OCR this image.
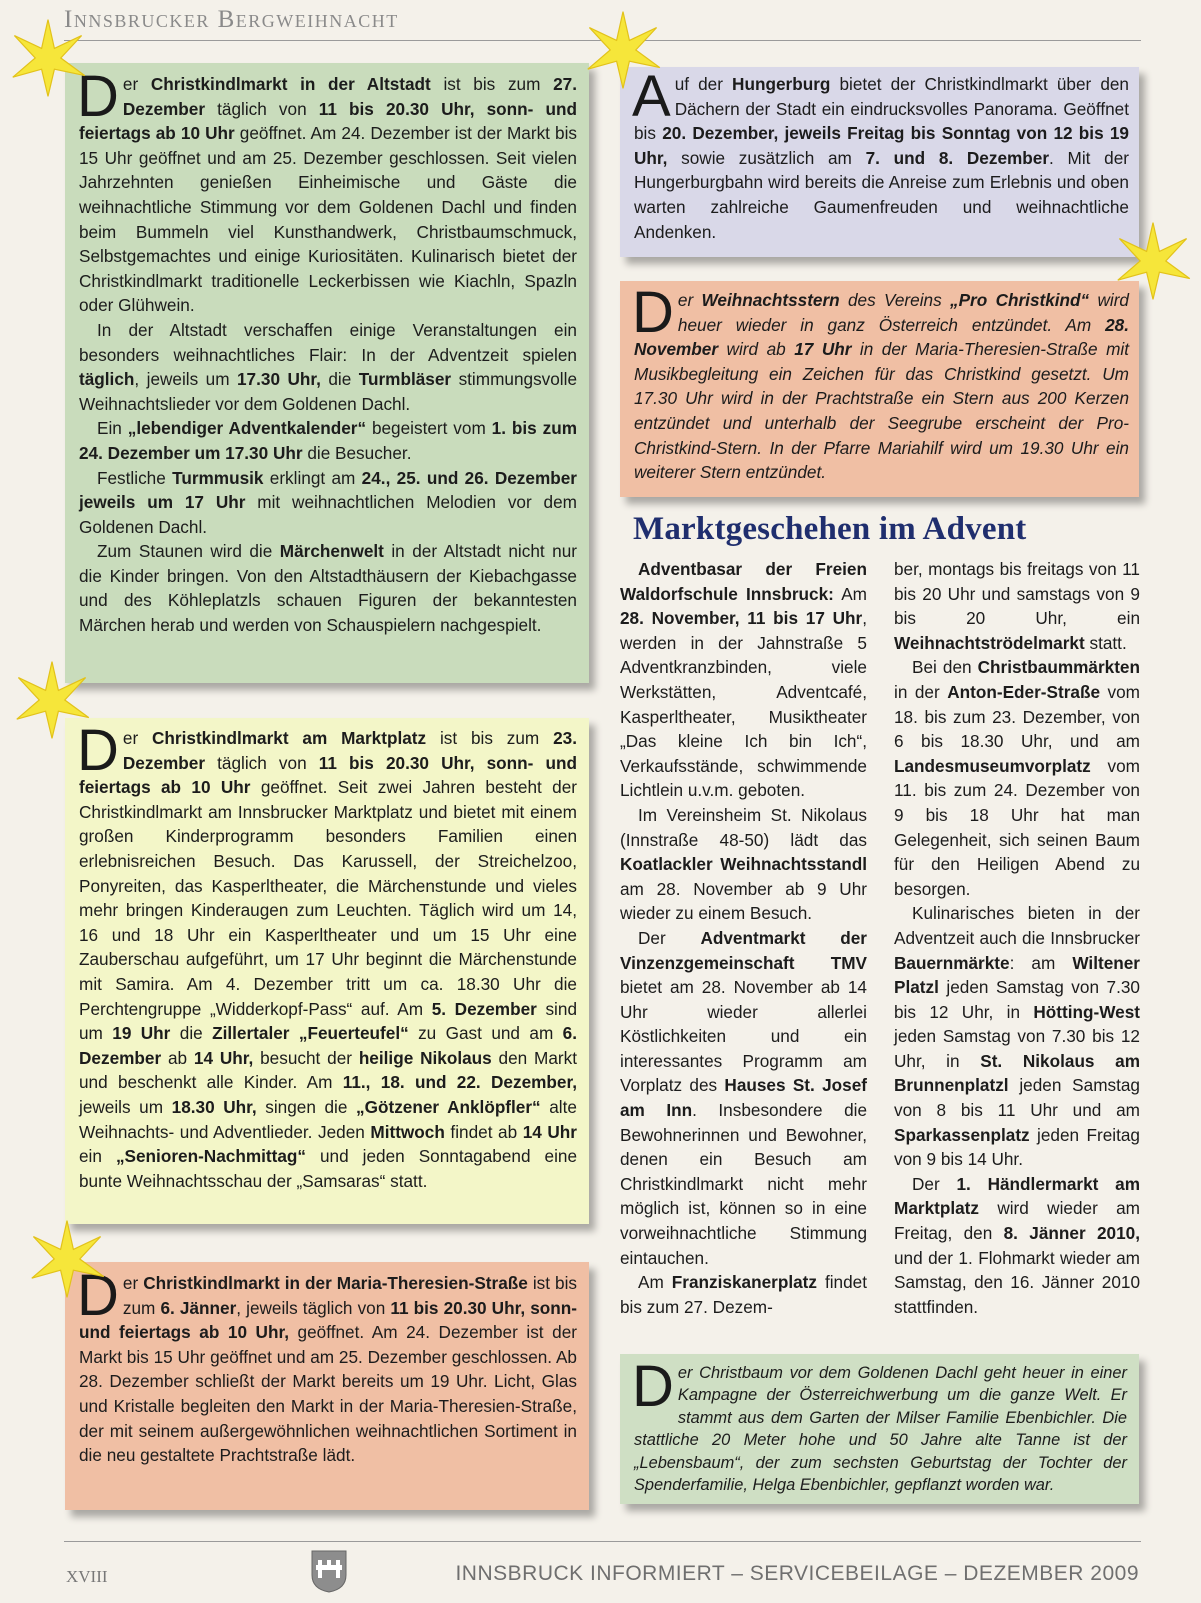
Innsbrucker Bergweihnacht

Der Christkindlmarkt in der Altstadt ist bis zum 27. Dezember täglich von 11 bis 20.30 Uhr, sonn- und feiertags ab 10 Uhr geöffnet. Am 24. Dezember ist der Markt bis 15 Uhr geöffnet und am 25. Dezember geschlossen. Seit vielen Jahrzehnten genießen Einheimische und Gäste die weihnachtliche Stimmung vor dem Goldenen Dachl und finden beim Bummeln viel Kunsthandwerk, Christbaumschmuck, Selbstgemachtes und einige Kuriositäten. Kulinarisch bietet der Christkindlmarkt traditionelle Leckerbissen wie Kiachln, Spazln oder Glühwein.

In der Altstadt verschaffen einige Veranstaltungen ein besonders weihnachtliches Flair: In der Adventzeit spielen täglich, jeweils um 17.30 Uhr, die Turmbläser stimmungsvolle Weihnachtslieder vor dem Goldenen Dachl.

Ein „lebendiger Adventkalender“ begeistert vom 1. bis zum 24. Dezember um 17.30 Uhr die Besucher.

Festliche Turmmusik erklingt am 24., 25. und 26. Dezember jeweils um 17 Uhr mit weihnachtlichen Melodien vor dem Goldenen Dachl.

Zum Staunen wird die Märchenwelt in der Altstadt nicht nur die Kinder bringen. Von den Altstadthäusern der Kiebachgasse und des Köhleplatzls schauen Figuren der bekanntesten Märchen herab und werden von Schauspielern nachgespielt.

Der Christkindlmarkt am Marktplatz ist bis zum 23. Dezember täglich von 11 bis 20.30 Uhr, sonn- und feiertags ab 10 Uhr geöffnet. Seit zwei Jahren besteht der Christkindlmarkt am Innsbrucker Marktplatz und bietet mit einem großen Kinderprogramm besonders Familien einen erlebnisreichen Besuch. Das Karussell, der Streichelzoo, Ponyreiten, das Kasperltheater, die Märchenstunde und vieles mehr bringen Kinderaugen zum Leuchten. Täglich wird um 14, 16 und 18 Uhr ein Kasperltheater und um 15 Uhr eine Zauberschau aufgeführt, um 17 Uhr beginnt die Märchenstunde mit Samira. Am 4. Dezember tritt um ca. 18.30 Uhr die Perchtengruppe „Widderkopf-Pass“ auf. Am 5. Dezember sind um 19 Uhr die Zillertaler „Feuerteufel“ zu Gast und am 6. Dezember ab 14 Uhr, besucht der heilige Nikolaus den Markt und beschenkt alle Kinder. Am 11., 18. und 22. Dezember, jeweils um 18.30 Uhr, singen die „Götzener Anklöpfler“ alte Weihnachts- und Adventlieder. Jeden Mittwoch findet ab 14 Uhr ein „Senioren-Nachmittag“ und jeden Sonntagabend eine bunte Weihnachtsschau der „Samsaras“ statt.

Der Christkindlmarkt in der Maria-Theresien-Straße ist bis zum 6. Jänner, jeweils täglich von 11 bis 20.30 Uhr, sonn- und feiertags ab 10 Uhr, geöffnet. Am 24. Dezember ist der Markt bis 15 Uhr geöffnet und am 25. Dezember geschlossen. Ab 28. Dezember schließt der Markt bereits um 19 Uhr. Licht, Glas und Kristalle begleiten den Markt in der Maria-Theresien-Straße, der mit seinem außergewöhnlichen weihnachtlichen Sortiment in die neu gestaltete Prachtstraße lädt.

Auf der Hungerburg bietet der Christkindlmarkt über den Dächern der Stadt ein eindrucksvolles Panorama. Geöffnet bis 20. Dezember, jeweils Freitag bis Sonntag von 12 bis 19 Uhr, sowie zusätzlich am 7. und 8. Dezember. Mit der Hungerburgbahn wird bereits die Anreise zum Erlebnis und oben warten zahlreiche Gaumenfreuden und weihnachtliche Andenken.

Der Weihnachtsstern des Vereins „Pro Christkind“ wird heuer wieder in ganz Österreich entzündet. Am 28. November wird ab 17 Uhr in der Maria-Theresien-Straße mit Musikbegleitung ein Zeichen für das Christkind gesetzt. Um 17.30 Uhr wird in der Prachtstraße ein Stern aus 200 Kerzen entzündet und unterhalb der Seegrube erscheint der Pro-Christkind-Stern. In der Pfarre Mariahilf wird um 19.30 Uhr ein weiterer Stern entzündet.

Marktgeschehen im Advent

Adventbasar der Freien Waldorfschule Innsbruck: Am 28. November, 11 bis 17 Uhr, werden in der Jahnstraße 5 Adventkranzbinden, viele Werkstätten, Adventcafé, Kasperltheater, Musiktheater „Das kleine Ich bin Ich“, Verkaufsstände, schwimmende Lichtlein u.v.m. geboten.

Im Vereinsheim St. Nikolaus (Innstraße 48-50) lädt das Koatlackler Weihnachtsstandl am 28. November ab 9 Uhr wieder zu einem Besuch.

Der Adventmarkt der Vinzenzgemeinschaft TMV bietet am 28. November ab 14 Uhr wieder allerlei Köstlichkeiten und ein interessantes Programm am Vorplatz des Hauses St. Josef am Inn. Insbesondere die Bewohnerinnen und Bewohner, denen ein Besuch am Christkindlmarkt nicht mehr möglich ist, können so in eine vorweihnachtliche Stimmung eintauchen.

Am Franziskanerplatz findet bis zum 27. Dezem-

ber, montags bis freitags von 11 bis 20 Uhr und samstags von 9 bis 20 Uhr, ein Weihnachtströdelmarkt statt.

Bei den Christbaummärkten in der Anton-Eder-Straße vom 18. bis zum 23. Dezember, von 6 bis 18.30 Uhr, und am Landesmuseumvorplatz vom 11. bis zum 24. Dezember von 9 bis 18 Uhr hat man Gelegenheit, sich seinen Baum für den Heiligen Abend zu besorgen.

Kulinarisches bieten in der Adventzeit auch die Innsbrucker Bauernmärkte: am Wiltener Platzl jeden Samstag von 7.30 bis 12 Uhr, in Hötting-West jeden Samstag von 7.30 bis 12 Uhr, in St. Nikolaus am Brunnenplatzl jeden Samstag von 8 bis 11 Uhr und am Sparkassenplatz jeden Freitag von 9 bis 14 Uhr.

Der 1. Händlermarkt am Marktplatz wird wieder am Freitag, den 8. Jänner 2010, und der 1. Flohmarkt wieder am Samstag, den 16. Jänner 2010 stattfinden.

Der Christbaum vor dem Goldenen Dachl geht heuer in einer Kampagne der Österreichwerbung um die ganze Welt. Er stammt aus dem Garten der Milser Familie Ebenbichler. Die stattliche 20 Meter hohe und 50 Jahre alte Tanne ist der „Lebensbaum“, der zum sechsten Geburtstag der Tochter der Spenderfamilie, Helga Ebenbichler, gepflanzt worden war.

XVIII	INNSBRUCK INFORMIERT – SERVICEBEILAGE – DEZEMBER 2009
